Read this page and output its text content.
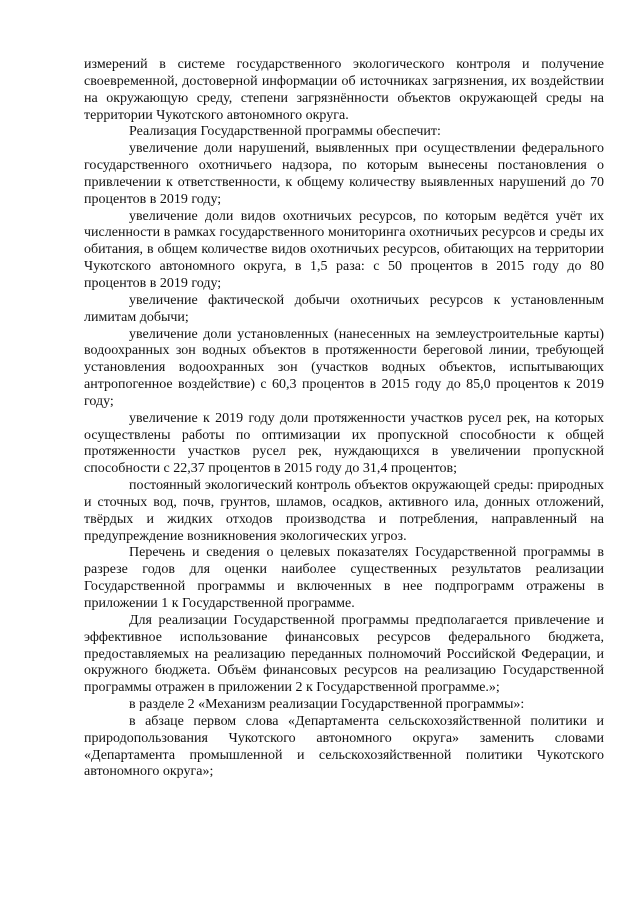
измерений в системе государственного экологического контроля и получение своевременной, достоверной информации об источниках загрязнения, их воздействии на окружающую среду, степени загрязнённости объектов окружающей среды на территории Чукотского автономного округа.

Реализация Государственной программы обеспечит:

увеличение доли нарушений, выявленных при осуществлении федерального государственного охотничьего надзора, по которым вынесены постановления о привлечении к ответственности, к общему количеству выявленных нарушений до 70 процентов в 2019 году;

увеличение доли видов охотничьих ресурсов, по которым ведётся учёт их численности в рамках государственного мониторинга охотничьих ресурсов и среды их обитания, в общем количестве видов охотничьих ресурсов, обитающих на территории Чукотского автономного округа, в 1,5 раза: с 50 процентов в 2015 году до 80 процентов в 2019 году;

увеличение фактической добычи охотничьих ресурсов к установленным лимитам добычи;

увеличение доли установленных (нанесенных на землеустроительные карты) водоохранных зон водных объектов в протяженности береговой линии, требующей установления водоохранных зон (участков водных объектов, испытывающих антропогенное воздействие) с 60,3 процентов в 2015 году до 85,0 процентов к 2019 году;

увеличение к 2019 году доли протяженности участков русел рек, на которых осуществлены работы по оптимизации их пропускной способности к общей протяженности участков русел рек, нуждающихся в увеличении пропускной способности с 22,37 процентов в 2015 году до 31,4 процентов;

постоянный экологический контроль объектов окружающей среды: природных и сточных вод, почв, грунтов, шламов, осадков, активного ила, донных отложений, твёрдых и жидких отходов производства и потребления, направленный на предупреждение возникновения экологических угроз.

Перечень и сведения о целевых показателях Государственной программы в разрезе годов для оценки наиболее существенных результатов реализации Государственной программы и включенных в нее подпрограмм отражены в приложении 1 к Государственной программе.

Для реализации Государственной программы предполагается привлечение и эффективное использование финансовых ресурсов федерального бюджета, предоставляемых на реализацию переданных полномочий Российской Федерации, и окружного бюджета. Объём финансовых ресурсов на реализацию Государственной программы отражен в приложении 2 к Государственной программе.»;

в разделе 2 «Механизм реализации Государственной программы»:

в абзаце первом слова «Департамента сельскохозяйственной политики и природопользования Чукотского автономного округа» заменить словами «Департамента промышленной и сельскохозяйственной политики Чукотского автономного округа»;
